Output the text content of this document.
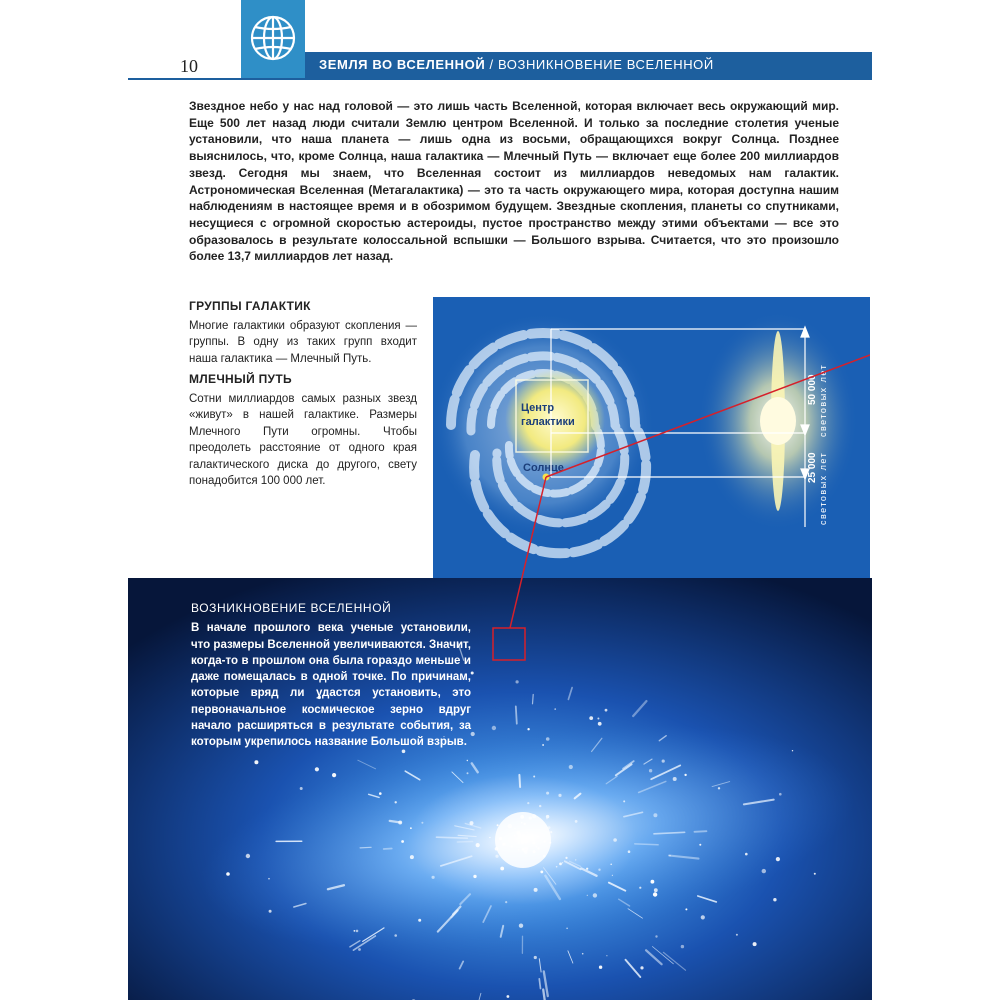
10	ЗЕМЛЯ ВО ВСЕЛЕННОЙ / ВОЗНИКНОВЕНИЕ ВСЕЛЕННОЙ
Звездное небо у нас над головой — это лишь часть Вселенной, которая включает весь окружающий мир. Еще 500 лет назад люди считали Землю центром Вселенной. И только за последние столетия ученые установили, что наша планета — лишь одна из восьми, обращающихся вокруг Солнца. Позднее выяснилось, что, кроме Солнца, наша галактика — Млечный Путь — включает еще более 200 миллиардов звезд. Сегодня мы знаем, что Вселенная состоит из миллиардов неведомых нам галактик. Астрономическая Вселенная (Метагалактика) — это та часть окружающего мира, которая доступна нашим наблюдениям в настоящее время и в обозримом будущем. Звездные скопления, планеты со спутниками, несущиеся с огромной скоростью астероиды, пустое пространство между этими объектами — все это образовалось в результате колоссальной вспышки — Большого взрыва. Считается, что это произошло более 13,7 миллиардов лет назад.
ГРУППЫ ГАЛАКТИК

Многие галактики образуют скопления — группы. В одну из таких групп входит наша галактика — Млечный Путь.

МЛЕЧНЫЙ ПУТЬ

Сотни миллиардов самых разных звезд «живут» в нашей галактике. Размеры Млечного Пути огромны. Чтобы преодолеть расстояние от одного края галактического диска до другого, свету понадобится 100 000 лет.

Центр
галактики
Солнце
50 000
25 000
световых лет
световых лет
ВОЗНИКНОВЕНИЕ ВСЕЛЕННОЙ

В начале прошлого века ученые установили, что размеры Вселенной увеличиваются. Значит, когда-то в прошлом она была гораздо меньше и даже помещалась в одной точке. По причинам, которые вряд ли удастся установить, это первоначальное космическое зерно вдруг начало расширяться в результате события, за которым укрепилось название Большой взрыв.
